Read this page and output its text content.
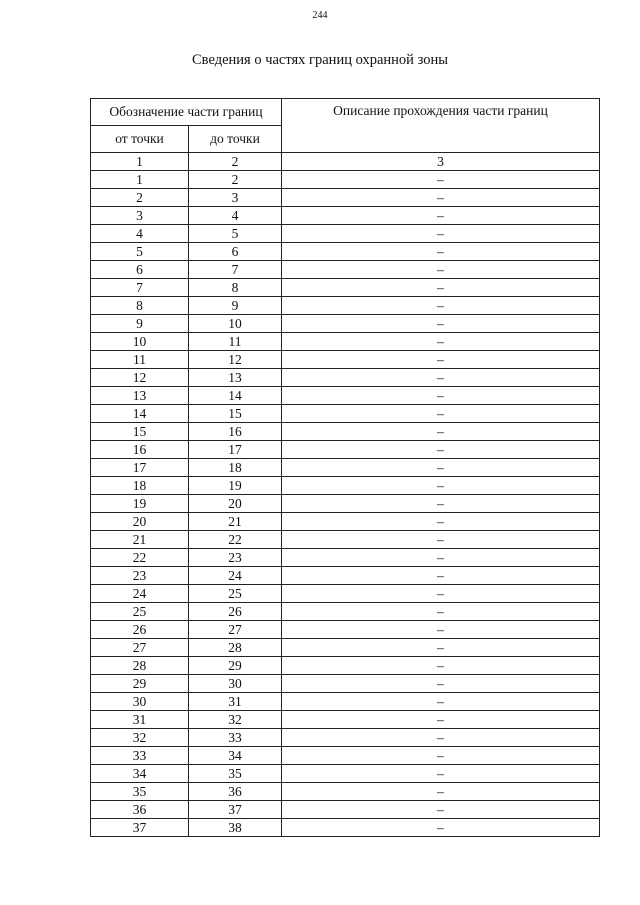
244
Сведения о частях границ охранной зоны
Обозначение части границ		Описание прохождения части границ
от точки	до точки	
1	2	3
1	2	–
2	3	–
3	4	–
4	5	–
5	6	–
6	7	–
7	8	–
8	9	–
9	10	–
10	11	–
11	12	–
12	13	–
13	14	–
14	15	–
15	16	–
16	17	–
17	18	–
18	19	–
19	20	–
20	21	–
21	22	–
22	23	–
23	24	–
24	25	–
25	26	–
26	27	–
27	28	–
28	29	–
29	30	–
30	31	–
31	32	–
32	33	–
33	34	–
34	35	–
35	36	–
36	37	–
37	38	–
